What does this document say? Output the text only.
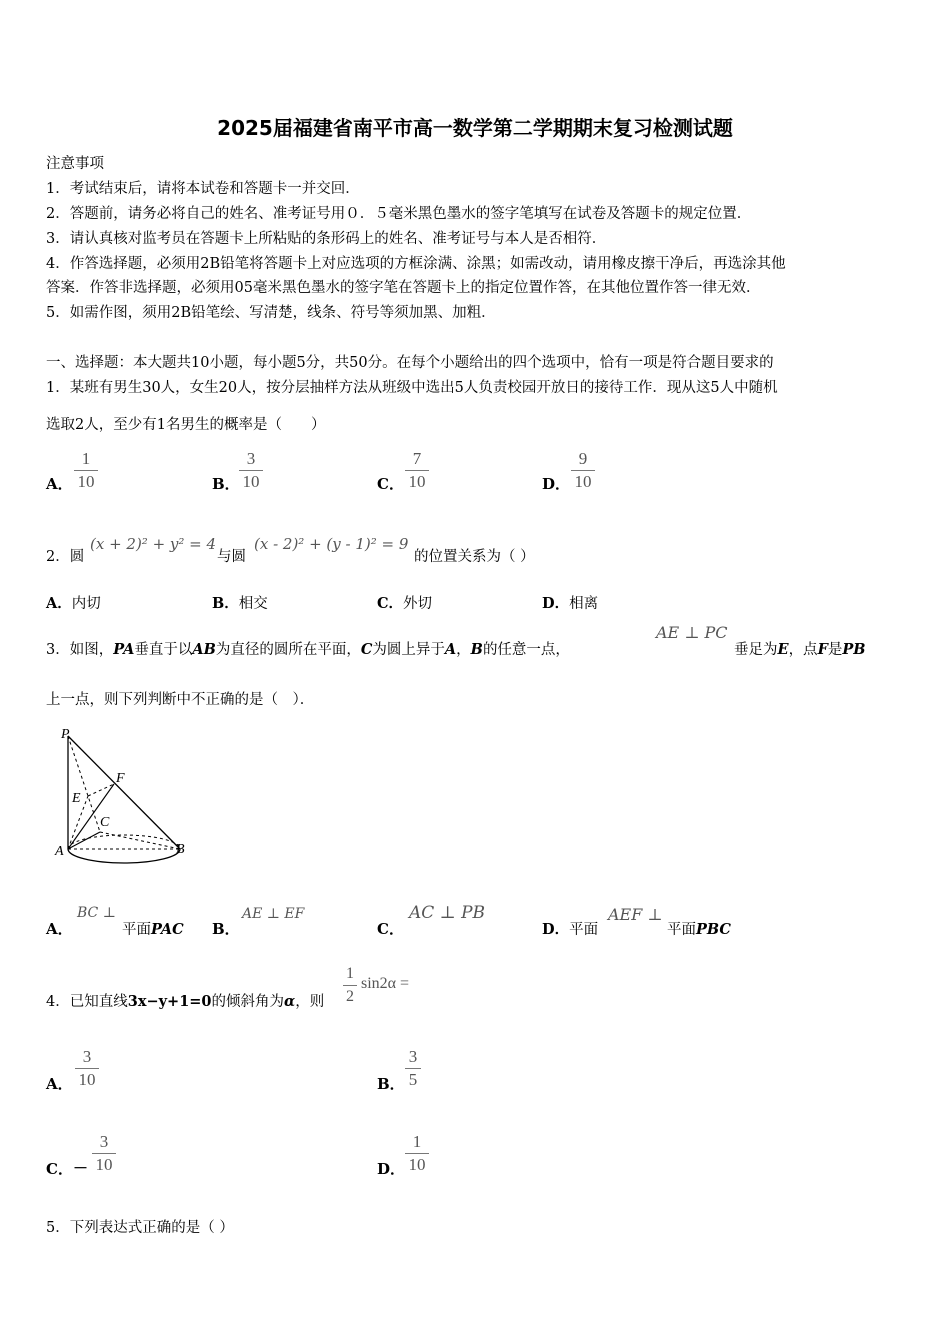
2025届福建省南平市高一数学第二学期期末复习检测试题
注意事项
1．考试结束后，请将本试卷和答题卡一并交回．
2．答题前，请务必将自己的姓名、准考证号用０．５毫米黑色墨水的签字笔填写在试卷及答题卡的规定位置．
3．请认真核对监考员在答题卡上所粘贴的条形码上的姓名、准考证号与本人是否相符．
4．作答选择题，必须用2B铅笔将答题卡上对应选项的方框涂满、涂黑；如需改动，请用橡皮擦干净后，再选涂其他
答案．作答非选择题，必须用05毫米黑色墨水的签字笔在答题卡上的指定位置作答，在其他位置作答一律无效．
5．如需作图，须用2B铅笔绘、写清楚，线条、符号等须加黑、加粗．
一、选择题：本大题共10小题，每小题5分，共50分。在每个小题给出的四个选项中，恰有一项是符合题目要求的
1．某班有男生30人，女生20人，按分层抽样方法从班级中选出5人负责校园开放日的接待工作．现从这5人中随机
选取2人，至少有1名男生的概率是（　　）
A．
1
10	B．
3
10	C．
7
10	D．
9
10
2．圆
(x + 2)² + y² = 4
与圆
(x - 2)² + (y - 1)² = 9
的位置关系为（ ）
A．内切	B．相交	C．外切	D．相离
3．如图，PA垂直于以AB为直径的圆所在平面，C为圆上异于A，B的任意一点，
AE ⊥ PC
垂足为E，点F是PB
上一点，则下列判断中不正确的是（　）．
P
F
E
C
A	B
A．
BC ⊥
平面PAC B．
AE ⊥ EF
C．
AC ⊥ PB
D．平面
AEF ⊥
平面PBC
4．已知直线3x−y+1=0的倾斜角为α，则
1
2
sin2α =
A．
3
10	B．
3
5
C． －
3
10	D．
1
10
5．下列表达式正确的是（ ）
